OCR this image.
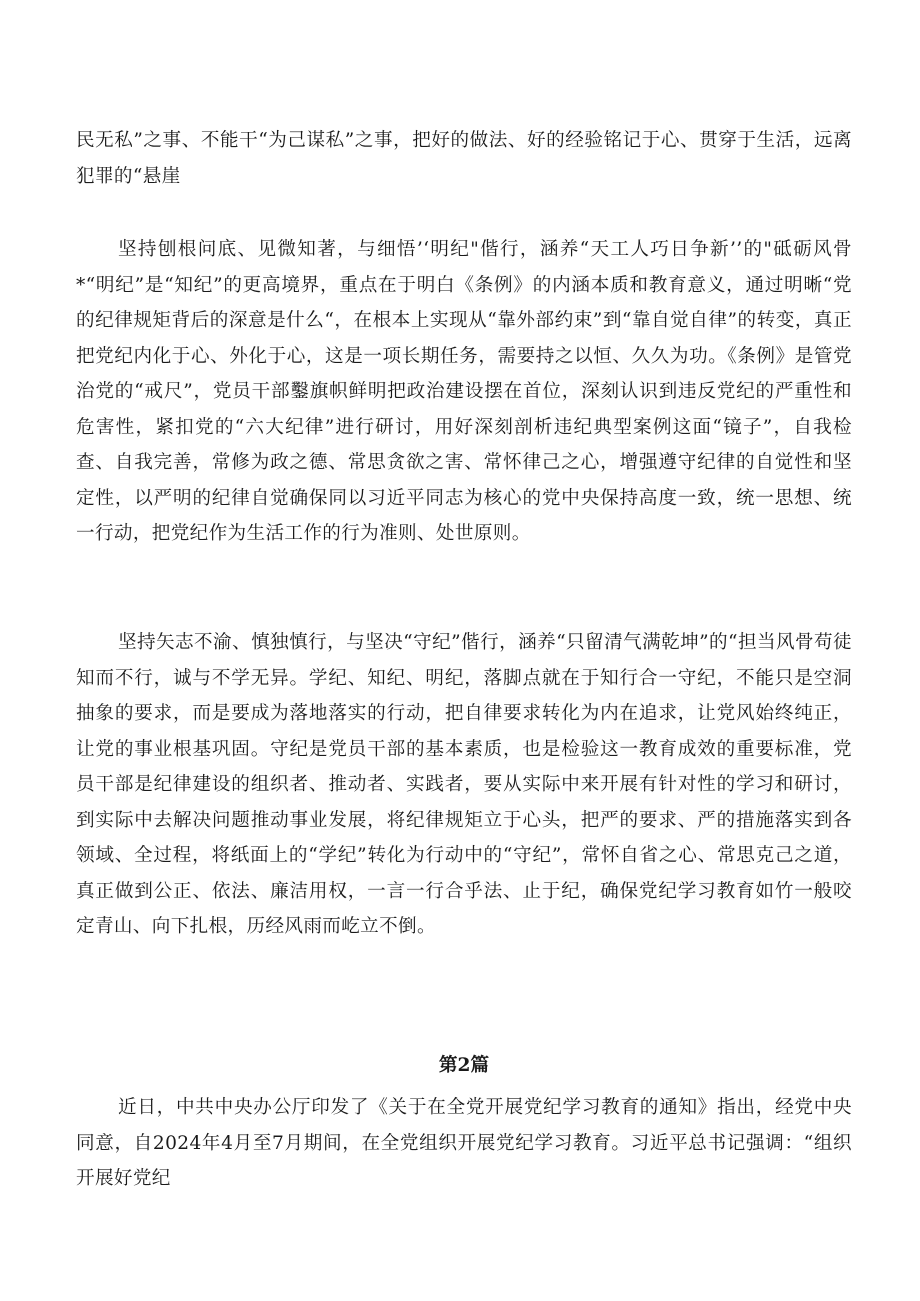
民无私”之事、不能干“为己谋私”之事，把好的做法、好的经验铭记于心、贯穿于生活，远离犯罪的“悬崖

坚持刨根问底、见微知著，与细悟’‘明纪"偕行，涵养“天工人巧日争新’’的"砥砺风骨*“明纪”是“知纪”的更高境界，重点在于明白《条例》的内涵本质和教育意义，通过明晰“党的纪律规矩背后的深意是什么“，在根本上实现从“靠外部约束”到“靠自觉自律”的转变，真正把党纪内化于心、外化于心，这是一项长期任务，需要持之以恒、久久为功。《条例》是管党治党的“戒尺”，党员干部鑿旗帜鲜明把政治建设摆在首位，深刻认识到违反党纪的严重性和危害性，紧扣党的“六大纪律”进行研讨，用好深刻剖析违纪典型案例这面“镜子”，自我检查、自我完善，常修为政之德、常思贪欲之害、常怀律己之心，增强遵守纪律的自觉性和坚定性，以严明的纪律自觉确保同以习近平同志为核心的党中央保持高度一致，统一思想、统一行动，把党纪作为生活工作的行为准则、处世原则。

坚持矢志不渝、慎独慎行，与坚决“守纪”偕行，涵养“只留清气满乾坤”的“担当风骨苟徒知而不行，诚与不学无异。学纪、知纪、明纪，落脚点就在于知行合一守纪，不能只是空洞抽象的要求，而是要成为落地落实的行动，把自律要求转化为内在追求，让党风始终纯正，让党的事业根基巩固。守纪是党员干部的基本素质，也是检验这一教育成效的重要标准，党员干部是纪律建设的组织者、推动者、实践者，要从实际中来开展有针对性的学习和研讨，到实际中去解决问题推动事业发展，将纪律规矩立于心头，把严的要求、严的措施落实到各领域、全过程，将纸面上的“学纪”转化为行动中的“守纪”，常怀自省之心、常思克己之道，真正做到公正、依法、廉洁用权，一言一行合乎法、止于纪，确保党纪学习教育如竹一般咬定青山、向下扎根，历经风雨而屹立不倒。

第2篇

近日，中共中央办公厅印发了《关于在全党开展党纪学习教育的通知》指出，经党中央同意，自2024年4月至7月期间，在全党组织开展党纪学习教育。习近平总书记强调：“组织开展好党纪
